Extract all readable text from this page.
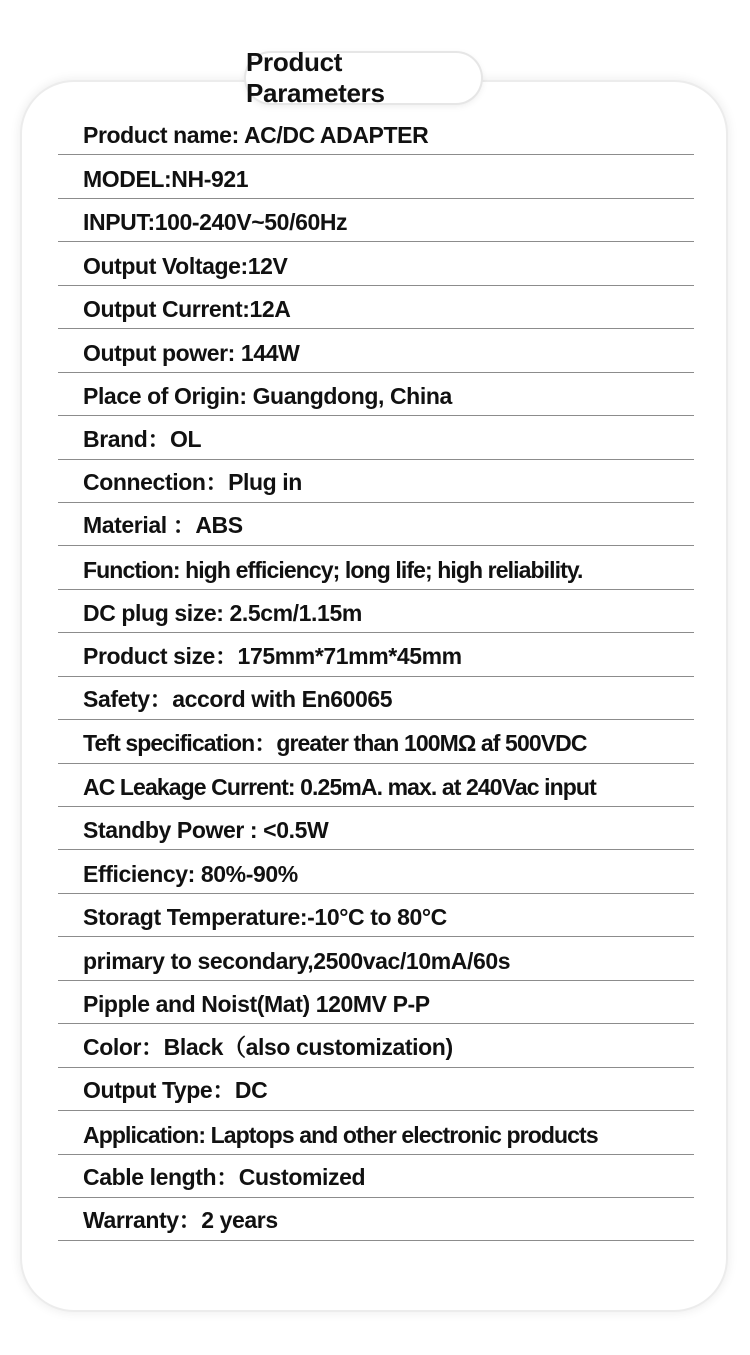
Product Parameters
Product name: AC/DC ADAPTER
MODEL:NH-921
INPUT:100-240V~50/60Hz
Output Voltage:12V
Output Current:12A
Output power: 144W
Place of Origin: Guangdong, China
Brand：OL
Connection：Plug in
Material ：ABS
Function: high efficiency; long life; high reliability.
DC plug size: 2.5cm/1.15m
Product size：175mm*71mm*45mm
Safety：accord with En60065
Teft specification：greater than 100MΩ af 500VDC
AC Leakage Current: 0.25mA. max. at 240Vac input
Standby Power : <0.5W
Efficiency: 80%-90%
Storagt Temperature:-10°C to 80°C
primary to secondary,2500vac/10mA/60s
Pipple and Noist(Mat) 120MV P-P
Color：Black（also customization)
Output Type：DC
Application: Laptops and other electronic products
Cable length：Customized
Warranty：2 years
